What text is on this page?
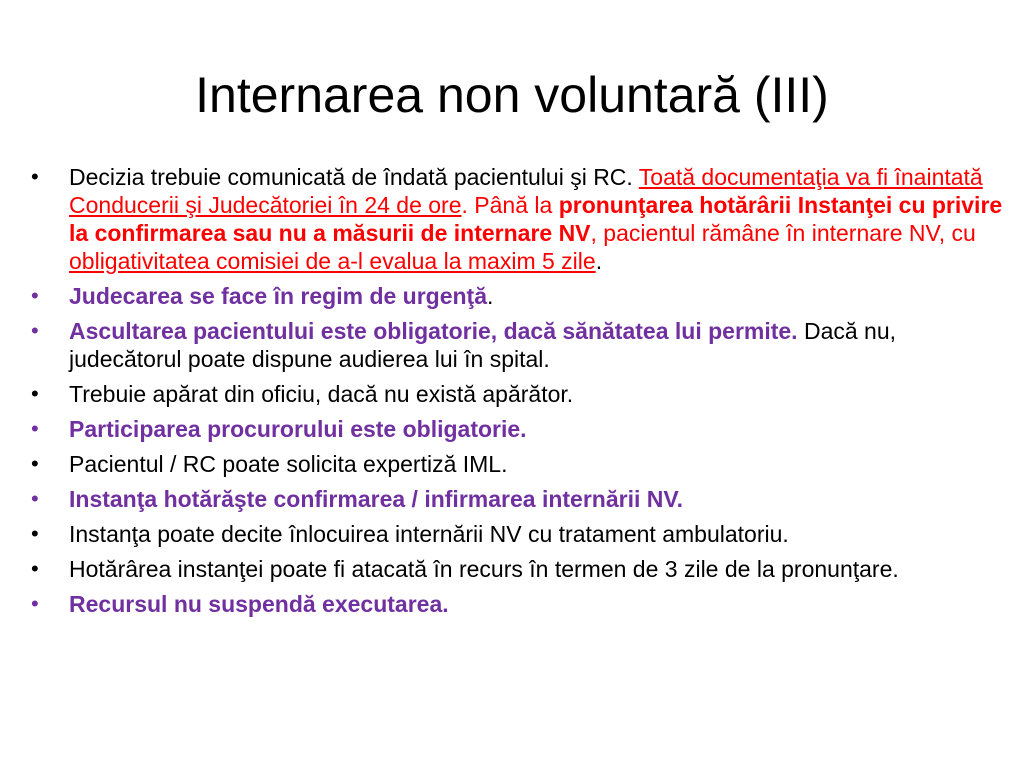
Internarea non voluntară (III)
• Decizia trebuie comunicată de îndată pacientului şi RC. Toată documentaţia va fi înaintată Conducerii şi Judecătoriei în 24 de ore. Până la pronunţarea hotărârii Instanţei cu privire la confirmarea sau nu a măsurii de internare NV, pacientul rămâne în internare NV, cu obligativitatea comisiei de a-l evalua la maxim 5 zile.
• Judecarea se face în regim de urgenţă.
• Ascultarea pacientului este obligatorie, dacă sănătatea lui permite. Dacă nu, judecătorul poate dispune audierea lui în spital.
• Trebuie apărat din oficiu, dacă nu există apărător.
• Participarea procurorului este obligatorie.
• Pacientul / RC poate solicita expertiză IML.
• Instanţa hotărăşte confirmarea / infirmarea internării NV.
• Instanţa poate decite înlocuirea internării NV cu tratament ambulatoriu.
• Hotărârea instanţei poate fi atacată în recurs în termen de 3 zile de la pronunţare.
• Recursul nu suspendă executarea.
